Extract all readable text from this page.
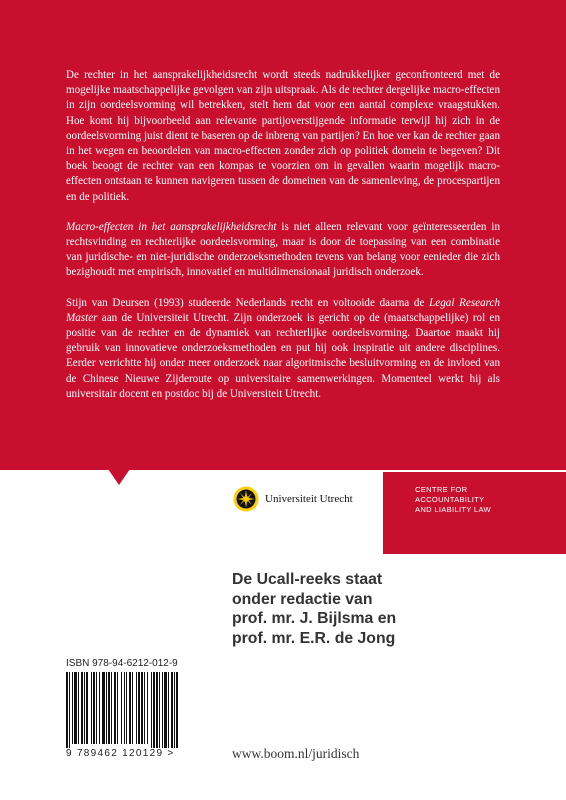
De rechter in het aansprakelijkheidsrecht wordt steeds nadrukkelijker geconfronteerd met de mogelijke maatschappelijke gevolgen van zijn uitspraak. Als de rechter dergelijke macro-effecten in zijn oordeelsvorming wil betrekken, stelt hem dat voor een aantal complexe vraagstukken. Hoe komt hij bijvoorbeeld aan relevante partijoverstijgende informatie terwijl hij zich in de oordeelsvorming juist dient te baseren op de inbreng van partijen? En hoe ver kan de rechter gaan in het wegen en beoordelen van macro-effecten zonder zich op politiek domein te begeven? Dit boek beoogt de rechter van een kompas te voorzien om in gevallen waarin mogelijk macro-effecten ontstaan te kunnen navigeren tussen de domeinen van de samenleving, de procespartijen en de politiek.

Macro-effecten in het aansprakelijkheidsrecht is niet alleen relevant voor geïnteresseerden in rechtsvinding en rechterlijke oordeelsvorming, maar is door de toepassing van een combinatie van juridische- en niet-juridische onderzoeksmethoden tevens van belang voor eenieder die zich bezighoudt met empirisch, innovatief en multidimensionaal juridisch onderzoek.

Stijn van Deursen (1993) studeerde Nederlands recht en voltooide daarna de Legal Research Master aan de Universiteit Utrecht. Zijn onderzoek is gericht op de (maatschappelijke) rol en positie van de rechter en de dynamiek van rechterlijke oordeelsvorming. Daartoe maakt hij gebruik van innovatieve onderzoeksmethoden en put hij ook inspiratie uit andere disciplines. Eerder verrichtte hij onder meer onderzoek naar algoritmische besluitvorming en de invloed van de Chinese Nieuwe Zijderoute op universitaire samenwerkingen. Momenteel werkt hij als universitair docent en postdoc bij de Universiteit Utrecht.

Universiteit Utrecht
CENTRE FOR
ACCOUNTABILITY
AND LIABILITY LAW
De Ucall-reeks staat
onder redactie van
prof. mr. J. Bijlsma en
prof. mr. E.R. de Jong
ISBN 978-94-6212-012-9
9 789462 120129 >	www.boom.nl/juridisch
